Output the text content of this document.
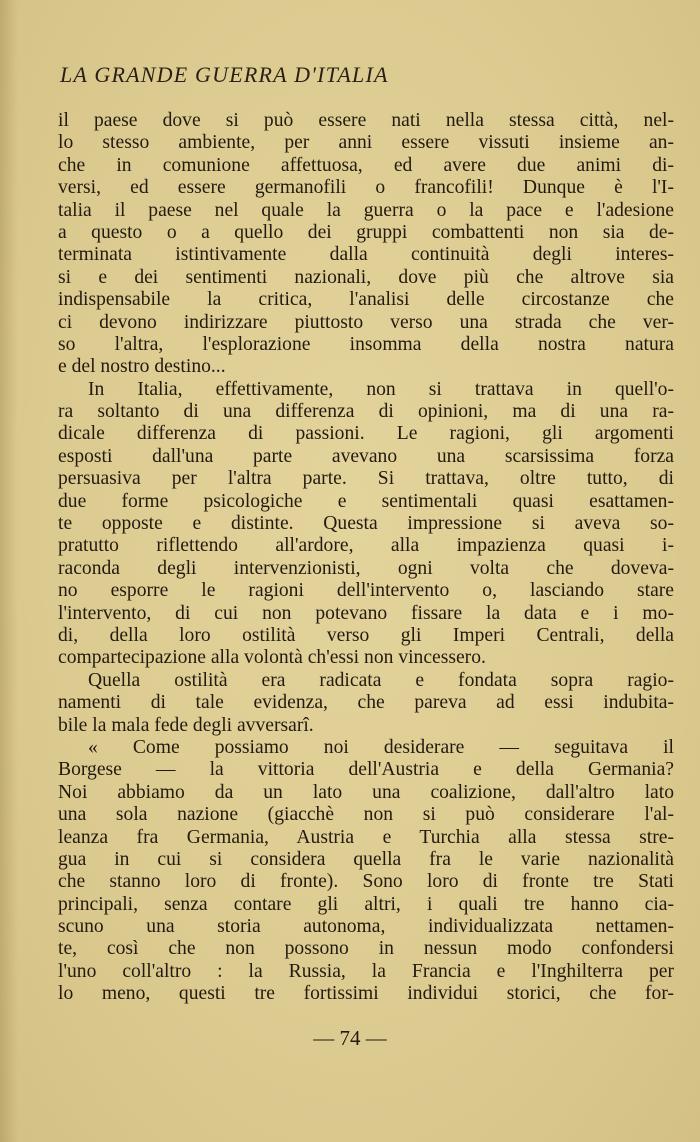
LA GRANDE GUERRA D'ITALIA
il paese dove si può essere nati nella stessa città, nel-
lo stesso ambiente, per anni essere vissuti insieme an-
che in comunione affettuosa, ed avere due animi di-
versi, ed essere germanofili o francofili! Dunque è l'I-
talia il paese nel quale la guerra o la pace e l'adesione
a questo o a quello dei gruppi combattenti non sia de-
terminata istintivamente dalla continuità degli interes-
si e dei sentimenti nazionali, dove più che altrove sia
indispensabile la critica, l'analisi delle circostanze che
ci devono indirizzare piuttosto verso una strada che ver-
so l'altra, l'esplorazione insomma della nostra natura
e del nostro destino...
In Italia, effettivamente, non si trattava in quell'o-
ra soltanto di una differenza di opinioni, ma di una ra-
dicale differenza di passioni. Le ragioni, gli argomenti
esposti dall'una parte avevano una scarsissima forza
persuasiva per l'altra parte. Si trattava, oltre tutto, di
due forme psicologiche e sentimentali quasi esattamen-
te opposte e distinte. Questa impressione si aveva so-
pratutto riflettendo all'ardore, alla impazienza quasi i-
raconda degli intervenzionisti, ogni volta che doveva-
no esporre le ragioni dell'intervento o, lasciando stare
l'intervento, di cui non potevano fissare la data e i mo-
di, della loro ostilità verso gli Imperi Centrali, della
compartecipazione alla volontà ch'essi non vincessero.
Quella ostilità era radicata e fondata sopra ragio-
namenti di tale evidenza, che pareva ad essi indubita-
bile la mala fede degli avversarî.
« Come possiamo noi desiderare — seguitava il
Borgese — la vittoria dell'Austria e della Germania?
Noi abbiamo da un lato una coalizione, dall'altro lato
una sola nazione (giacchè non si può considerare l'al-
leanza fra Germania, Austria e Turchia alla stessa stre-
gua in cui si considera quella fra le varie nazionalità
che stanno loro di fronte). Sono loro di fronte tre Stati
principali, senza contare gli altri, i quali tre hanno cia-
scuno una storia autonoma, individualizzata nettamen-
te, così che non possono in nessun modo confondersi
l'uno coll'altro : la Russia, la Francia e l'Inghilterra per
lo meno, questi tre fortissimi individui storici, che for-
— 74 —
